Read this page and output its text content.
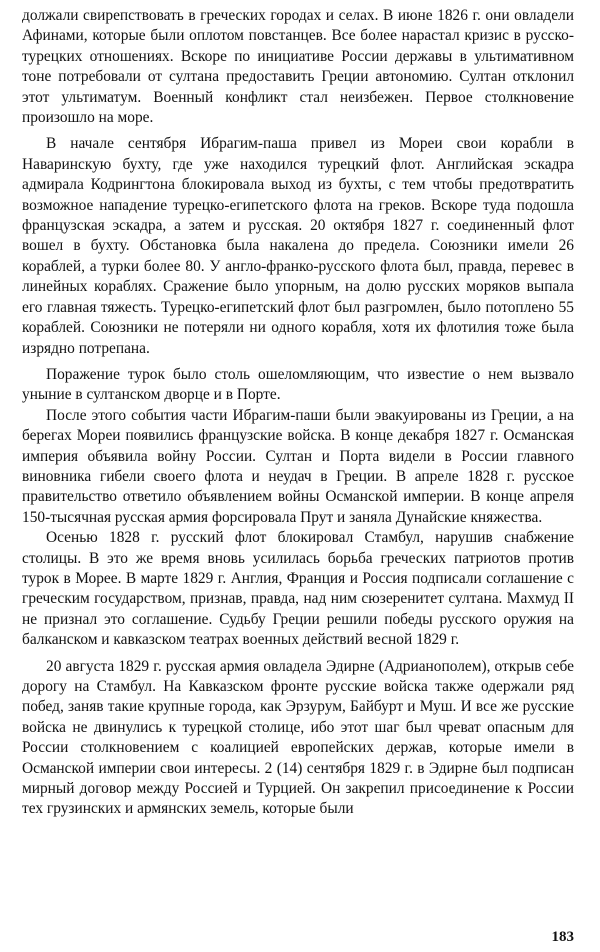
должали свирепствовать в греческих городах и селах. В июне 1826 г. они овладели Афинами, которые были оплотом повстанцев. Все более нарастал кризис в русско-турецких отношениях. Вскоре по инициативе России державы в ультимативном тоне потребовали от султана предоставить Греции автономию. Султан отклонил этот ультиматум. Военный конфликт стал неизбежен. Первое столкновение произошло на море.

В начале сентября Ибрагим-паша привел из Мореи свои корабли в Наваринскую бухту, где уже находился турецкий флот. Английская эскадра адмирала Кодрингтона блокировала выход из бухты, с тем чтобы предотвратить возможное нападение турецко-египетского флота на греков. Вскоре туда подошла французская эскадра, а затем и русская. 20 октября 1827 г. соединенный флот вошел в бухту. Обстановка была накалена до предела. Союзники имели 26 кораблей, а турки более 80. У англо-франко-русского флота был, правда, перевес в линейных кораблях. Сражение было упорным, на долю русских моряков выпала его главная тяжесть. Турецко-египетский флот был разгромлен, было потоплено 55 кораблей. Союзники не потеряли ни одного корабля, хотя их флотилия тоже была изрядно потрепана.

Поражение турок было столь ошеломляющим, что известие о нем вызвало уныние в султанском дворце и в Порте.

После этого события части Ибрагим-паши были эвакуированы из Греции, а на берегах Мореи появились французские войска. В конце декабря 1827 г. Османская империя объявила войну России. Султан и Порта видели в России главного виновника гибели своего флота и неудач в Греции. В апреле 1828 г. русское правительство ответило объявлением войны Османской империи. В конце апреля 150-тысячная русская армия форсировала Прут и заняла Дунайские княжества.

Осенью 1828 г. русский флот блокировал Стамбул, нарушив снабжение столицы. В это же время вновь усилилась борьба греческих патриотов против турок в Морее. В марте 1829 г. Англия, Франция и Россия подписали соглашение с греческим государством, признав, правда, над ним сюзеренитет султана. Махмуд II не признал это соглашение. Судьбу Греции решили победы русского оружия на балканском и кавказском театрах военных действий весной 1829 г.

20 августа 1829 г. русская армия овладела Эдирне (Адрианополем), открыв себе дорогу на Стамбул. На Кавказском фронте русские войска также одержали ряд побед, заняв такие крупные города, как Эрзурум, Байбурт и Муш. И все же русские войска не двинулись к турецкой столице, ибо этот шаг был чреват опасным для России столкновением с коалицией европейских держав, которые имели в Османской империи свои интересы. 2 (14) сентября 1829 г. в Эдирне был подписан мирный договор между Россией и Турцией. Он закрепил присоединение к России тех грузинских и армянских земель, которые были

183
